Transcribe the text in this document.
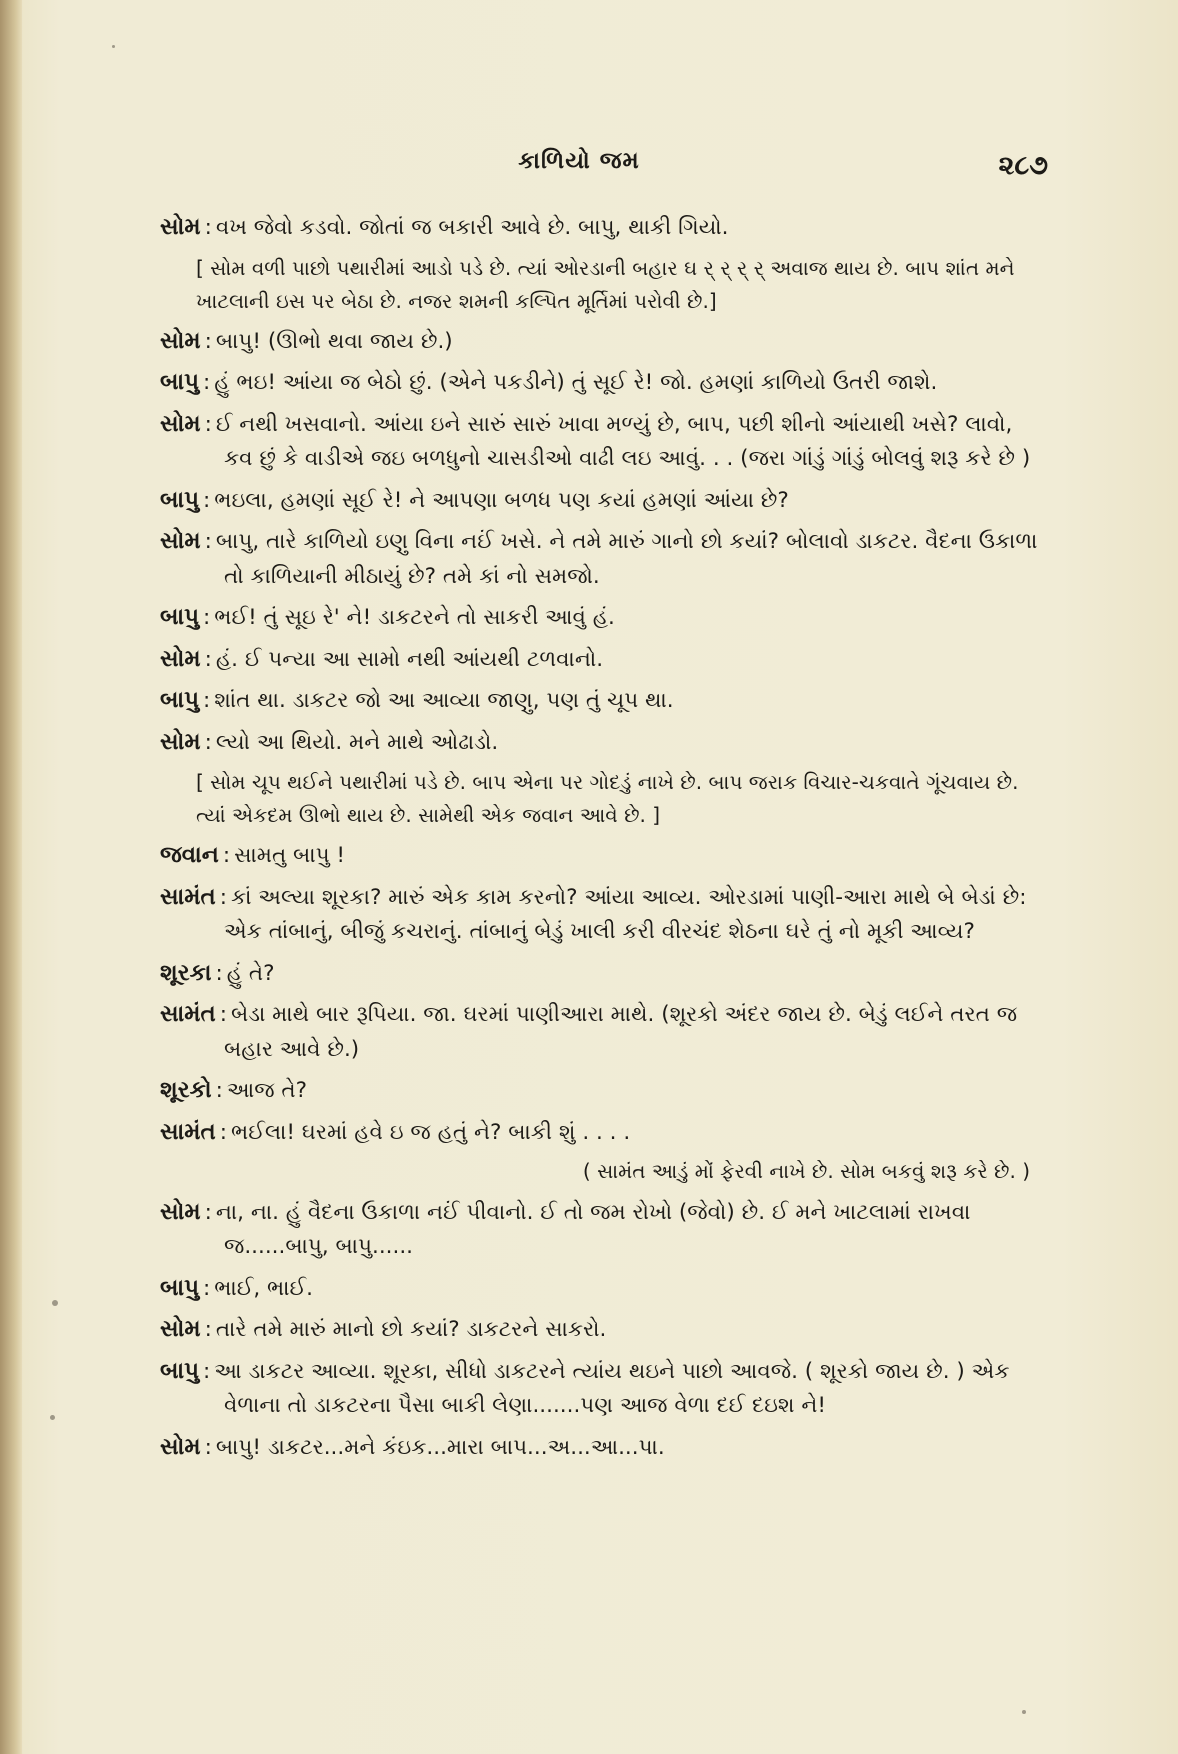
કાળિયો જમ	૨૮૭
સોમ : વખ જેવો કડવો. જોતાં જ બકારી આવે છે. બાપુ, થાકી ગિયો.
[ સોમ વળી પાછો પથારીમાં આડો પડે છે. ત્યાં ઓરડાની બહાર ઘ ર્ ર્ ર્ ર્ અવાજ થાય છે. બાપ શાંત મને ખાટલાની ઇસ પર બેઠા છે. નજર શમની કલ્પિત મૂર્તિમાં પરોવી છે.]
સોમ : બાપુ! (ઊભો થવા જાય છે.)
બાપુ : હું ભઇ! આંયા જ બેઠો છું. (એને પકડીને) તું સૂઈ રે! જો. હમણાં કાળિયો ઉતરી જાશે.
સોમ : ઈ નથી ખસવાનો. આંયા ઇને સારું સારું ખાવા મળ્યું છે, બાપ, પછી શીનો આંયાથી ખસે? લાવો, કવ છું કે વાડીએ જઇ બળધુનો ચાસડીઓ વાઢી લઇ આવું. . . (જરા ગાંડું ગાંડું બોલવું શરૂ કરે છે )
બાપુ : ભઇલા, હમણાં સૂઈ રે! ને આપણા બળધ પણ કયાં હમણાં આંયા છે?
સોમ : બાપુ, તારે કાળિયો ઇણુ વિના નઈં ખસે. ને તમે મારું ગાનો છો કયાં? બોલાવો ડાકટર. વૈદના ઉકાળા તો કાળિયાની મીઠાયું છે? તમે કાં નો સમજો.
બાપુ : ભઈ! તું સૂઇ રે' ને! ડાકટરને તો સાકરી આવું હં.
સોમ : હં. ઈ પન્યા આ સામો નથી આંયથી ટળવાનો.
બાપુ : શાંત થા. ડાકટર જો આ આવ્યા જાણુ, પણ તું ચૂપ થા.
સોમ : લ્યો આ થિયો. મને માથે ઓઢાડો.
[ સોમ ચૂપ થઈને પથારીમાં પડે છે. બાપ એના પર ગોદડું નાખે છે. બાપ જરાક વિચાર-ચકવાતે ગૂંચવાય છે. ત્યાં એકદમ ઊભો થાય છે. સામેથી એક જવાન આવે છે. ]
જવાન : સામતુ બાપુ !
સામંત : કાં અલ્યા શૂરકા? મારું એક કામ કરનો? આંયા આવ્ય. ઓરડામાં પાણી-આરા માથે બે બેડાં છે: એક તાંબાનું, બીજું કચરાનું. તાંબાનું બેડું ખાલી કરી વીરચંદ શેઠના ઘરે તું નો મૂકી આવ્ય?
શૂરકા : હું તે?
સામંત : બેડા માથે બાર રૂપિયા. જા. ઘરમાં પાણીઆરા માથે. (શૂરકો અંદર જાય છે. બેડું લઈને તરત જ બહાર આવે છે.)
શૂરકો : આજ તે?
સામંત : ભઈલા! ઘરમાં હવે ઇ જ હતું ને? બાકી શું . . . .
( સામંત આડું મોં ફેરવી નાખે છે. સોમ બકવું શરૂ કરે છે. )
સોમ : ના, ના. હું વૈદના ઉકાળા નઈં પીવાનો. ઈ તો જમ રોખો (જેવો) છે. ઈ મને ખાટલામાં રાખવા જ......બાપુ, બાપુ......
બાપુ : ભાઈ, ભાઈ.
સોમ : તારે તમે મારું માનો છો કયાં? ડાકટરને સાકરો.
બાપુ : આ ડાકટર આવ્યા. શૂરકા, સીધો ડાકટરને ત્યાંય થઇને પાછો આવજે. ( શૂરકો જાય છે. ) એક વેળાના તો ડાકટરના પૈસા બાકી લેણા.......પણ આજ વેળા દઈ દઇશ ને!
સોમ : બાપુ! ડાકટર...મને કંઇક...મારા બાપ...અ...આ...પા.
